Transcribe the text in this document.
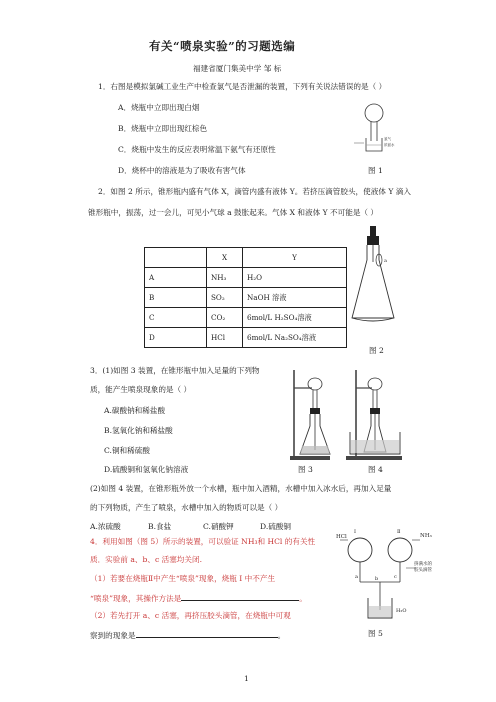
有关“喷泉实验”的习题选编
福建省厦门集美中学 邹 标
1．右图是模拟氯碱工业生产中检查氯气是否泄漏的装置，下列有关说法错误的是（ ）
A．烧瓶中立即出现白烟
B．烧瓶中立即出现红棕色
C．烧瓶中发生的反应表明常温下氨气有还原性
D．烧杯中的溶液是为了吸收有害气体	图 1
氯气
浓氨水
2．如图 2 所示，锥形瓶内盛有气体 X，滴管内盛有液体 Y。若挤压滴管胶头，使液体 Y 滴入
锥形瓶中，振荡，过一会儿，可见小气球 a 鼓胀起来。气体 X 和液体 Y 不可能是（ ）
	X	Y
A	NH₃	H₂O
B	SO₂	NaOH 溶液
C	CO₂	6mol/L H₂SO₄溶液
D	HCl	6mol/L Na₂SO₄溶液
a
图 2
3．(1)如图 3 装置，在锥形瓶中加入足量的下列物
质，能产生喷泉现象的是（ ）
A.碳酸钠和稀盐酸
B.氢氧化钠和稀盐酸
C.铜和稀硫酸
D.硫酸铜和氢氧化钠溶液	图 3	图 4
(2)如图 4 装置，在锥形瓶外放一个水槽，瓶中加入酒精，水槽中加入冰水后，再加入足量
的下列物质，产生了喷泉，水槽中加入的物质可以是（ ）
A.浓硫酸	B.食盐	C.硝酸钾	D.硫酸铜
4．利用如图（图 5）所示的装置，可以验证 NH₃和 HCl 的有关性
质．实验前 a、b、c 活塞均关闭.
（1）若要在烧瓶Ⅱ中产生“喷泉”现象，烧瓶 Ⅰ 中不产生
“喷泉”现象，其操作方法是	。
（2）若先打开 a、c 活塞，再挤压胶头滴管，在烧瓶中可观
察到的现象是	。	图 5
HCl
Ⅰ	Ⅱ
NH₃
a	b	c
挤满水的
胶头滴管
H₂O
1
